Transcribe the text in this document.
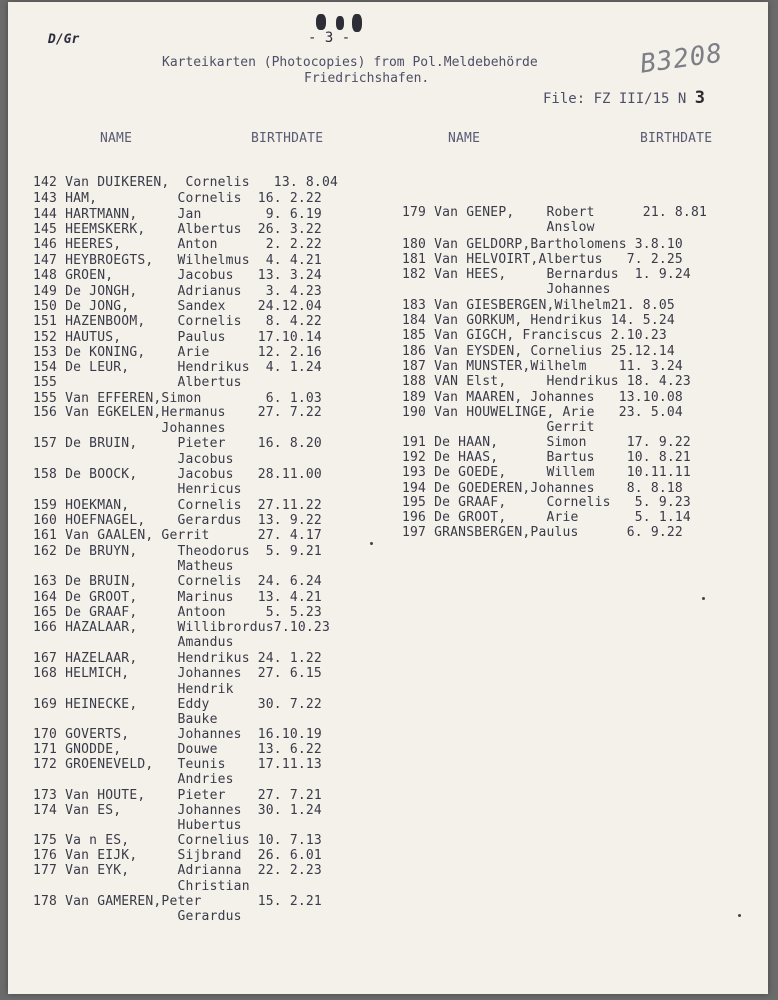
D/Gr	- 3 -
Karteikarten (Photocopies) from Pol.Meldebehörde
Friedrichshafen.	B3208
File: FZ III/15 N 3
NAME	BIRTHDATE	NAME	BIRTHDATE
142 Van DUIKEREN,  Cornelis   13. 8.04
143 HAM,          Cornelis  16. 2.22
144 HARTMANN,     Jan        9. 6.19
145 HEEMSKERK,    Albertus  26. 3.22
146 HEERES,       Anton      2. 2.22
147 HEYBROEGTS,   Wilhelmus  4. 4.21
148 GROEN,        Jacobus   13. 3.24
149 De JONGH,     Adrianus   3. 4.23
150 De JONG,      Sandex    24.12.04
151 HAZENBOOM,    Cornelis   8. 4.22
152 HAUTUS,       Paulus    17.10.14
153 De KONING,    Arie      12. 2.16
154 De LEUR,      Hendrikus  4. 1.24
155               Albertus
155 Van EFFEREN,Simon        6. 1.03
156 Van EGKELEN,Hermanus    27. 7.22
Johannes
157 De BRUIN,     Pieter    16. 8.20
Jacobus
158 De BOOCK,     Jacobus   28.11.00
Henricus
159 HOEKMAN,      Cornelis  27.11.22
160 HOEFNAGEL,    Gerardus  13. 9.22
161 Van GAALEN, Gerrit      27. 4.17
162 De BRUYN,     Theodorus  5. 9.21
Matheus
163 De BRUIN,     Cornelis  24. 6.24
164 De GROOT,     Marinus   13. 4.21
165 De GRAAF,     Antoon     5. 5.23
166 HAZALAAR,     Willibrordus7.10.23
Amandus
167 HAZELAAR,     Hendrikus 24. 1.22
168 HELMICH,      Johannes  27. 6.15
Hendrik
169 HEINECKE,     Eddy      30. 7.22
Bauke
170 GOVERTS,      Johannes  16.10.19
171 GNODDE,       Douwe     13. 6.22
172 GROENEVELD,   Teunis    17.11.13
Andries
173 Van HOUTE,    Pieter    27. 7.21
174 Van ES,       Johannes  30. 1.24
Hubertus
175 Va n ES,      Cornelius 10. 7.13
176 Van EIJK,     Sijbrand  26. 6.01
177 Van EYK,      Adrianna  22. 2.23
Christian
178 Van GAMEREN,Peter       15. 2.21
Gerardus
179 Van GENEP,    Robert      21. 8.81
Anslow
180 Van GELDORP,Bartholomens 3.8.10
181 Van HELVOIRT,Albertus   7. 2.25
182 Van HEES,     Bernardus  1. 9.24
Johannes
183 Van GIESBERGEN,Wilhelm21. 8.05
184 Van GORKUM, Hendrikus 14. 5.24
185 Van GIGCH, Franciscus 2.10.23
186 Van EYSDEN, Cornelius 25.12.14
187 Van MUNSTER,Wilhelm    11. 3.24
188 VAN Elst,     Hendrikus 18. 4.23
189 Van MAAREN, Johannes   13.10.08
190 Van HOUWELINGE, Arie   23. 5.04
Gerrit
191 De HAAN,      Simon     17. 9.22
192 De HAAS,      Bartus    10. 8.21
193 De GOEDE,     Willem    10.11.11
194 De GOEDEREN,Johannes    8. 8.18
195 De GRAAF,     Cornelis   5. 9.23
196 De GROOT,     Arie       5. 1.14
197 GRANSBERGEN,Paulus      6. 9.22
